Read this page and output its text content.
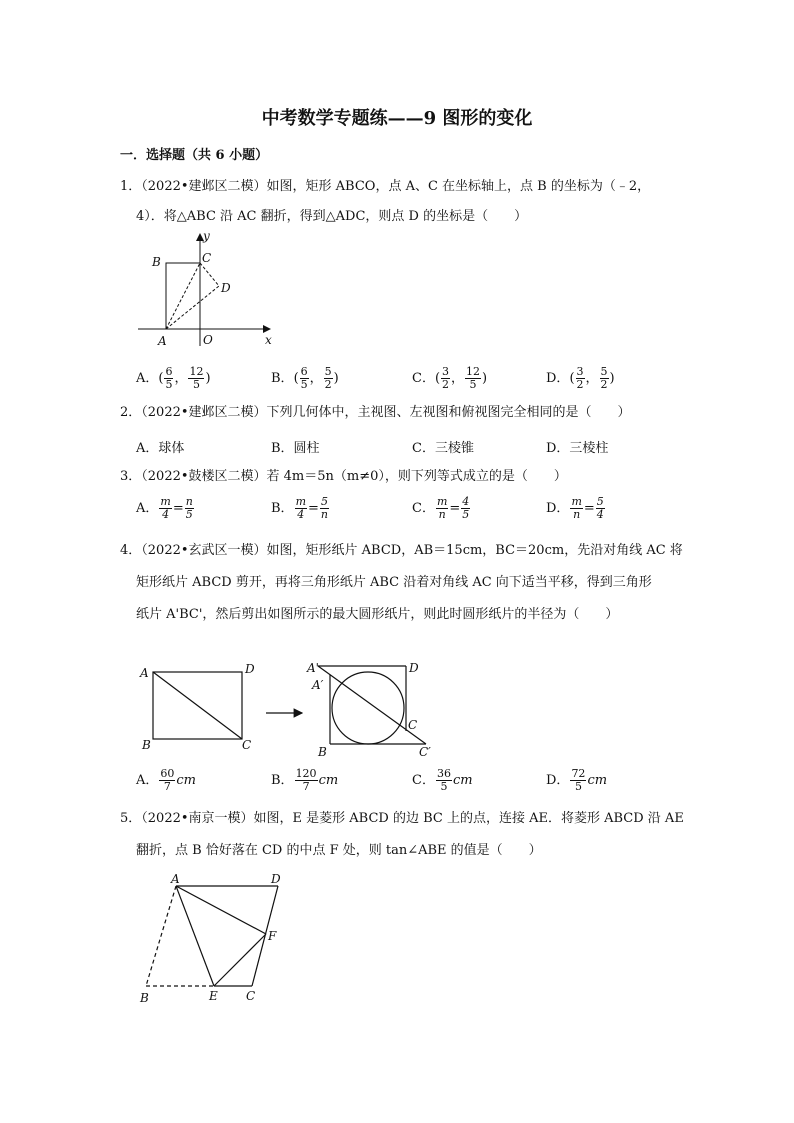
中考数学专题练——9 图形的变化
一．选择题（共 6 小题）
1．（2022•建邺区二模）如图，矩形 ABCO，点 A、C 在坐标轴上，点 B 的坐标为（﹣2，
4）．将△ABC 沿 AC 翻折，得到△ADC，则点 D 的坐标是（　　）
y
B	C
D
A	O	x
A．( $\frac{6}{5}$ ， $\frac{12}{5}$ )	B．( $\frac{6}{5}$ ， $\frac{5}{2}$ )	C．( $\frac{3}{2}$ ， $\frac{12}{5}$ )	D．( $\frac{3}{2}$ ， $\frac{5}{2}$ )
2．（2022•建邺区二模）下列几何体中，主视图、左视图和俯视图完全相同的是（　　）
A．球体	B．圆柱	C．三棱锥	D．三棱柱
3．（2022•鼓楼区二模）若 4m＝5n（m≠0），则下列等式成立的是（　　）
A． $\frac{m}{4} = \frac{n}{5}$	B． $\frac{m}{4} = \frac{5}{n}$	C． $\frac{m}{n} = \frac{4}{5}$	D． $\frac{m}{n} = \frac{5}{4}$
4．（2022•玄武区一模）如图，矩形纸片 ABCD，AB＝15cm，BC＝20cm，先沿对角线 AC 将
矩形纸片 ABCD 剪开，再将三角形纸片 ABC 沿着对角线 AC 向下适当平移，得到三角形
纸片 A'BC'，然后剪出如图所示的最大圆形纸片，则此时圆形纸片的半径为（　　）
A	D
B	C
A'	D
A′
C
B	C′
A． $\frac{60}{7}$ cm	B． $\frac{120}{7}$ cm	C． $\frac{36}{5}$ cm	D． $\frac{72}{5}$ cm
5．（2022•南京一模）如图，E 是菱形 ABCD 的边 BC 上的点，连接 AE．将菱形 ABCD 沿 AE
翻折，点 B 恰好落在 CD 的中点 F 处，则 tan∠ABE 的值是（　　）
A	D
F
B	E C
